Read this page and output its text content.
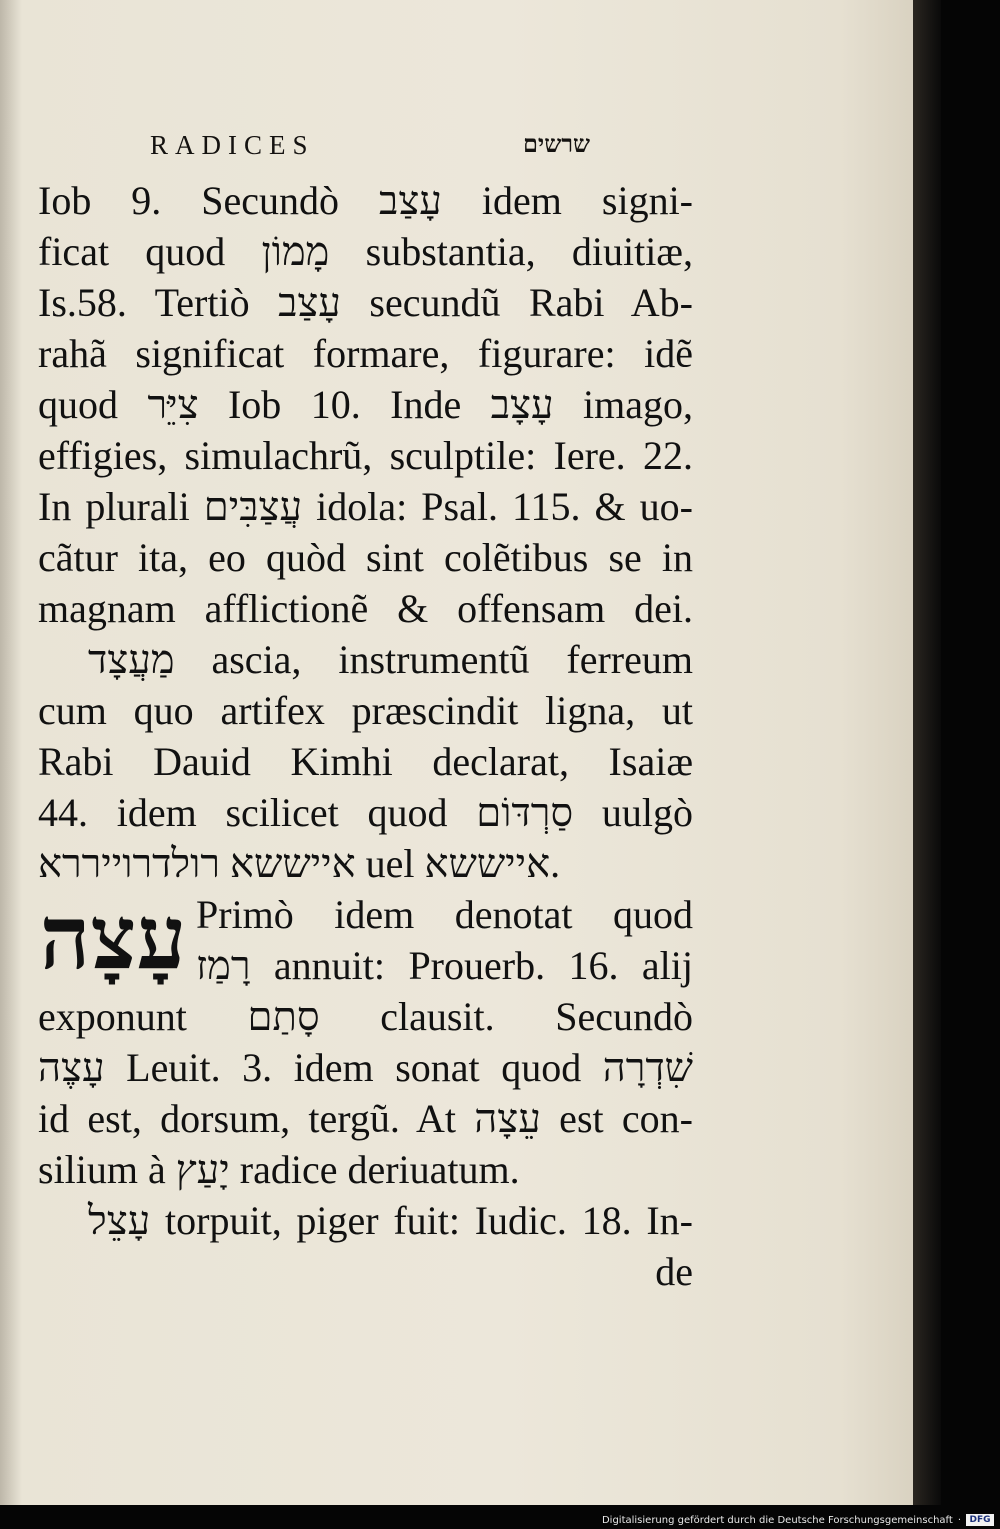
RADICES	שרשים
Iob 9. Secundò עָצַב idem signi-
ficat quod מָמוֹן substantia, diuitiæ,
Is.58. Tertiò עָצַב secundũ Rabi Ab-
rahã significat formare, figurare: idẽ
quod צִיֵּר Iob 10. Inde עָצָב imago,
effigies, simulachrũ, sculptile: Iere. 22.
In plurali עֲצַבִּים idola: Psal. 115. & uo-
cãtur ita, eo quòd sint colẽtibus se in
magnam afflictionẽ & offensam dei.
מַעֲצָד ascia, instrumentũ ferreum
cum quo artifex præscindit ligna, ut
Rabi Dauid Kimhi declarat, Isaiæ
44. idem scilicet quod סַרְדּוֹם uulgò
אייששא רולדרוייררא uel אייששא.
עָצָה Primò idem denotat quod
רָמַז annuit: Prouerb. 16. alij
exponunt סָתַם clausit. Secundò
עָצֶה Leuit. 3. idem sonat quod שִׁדְרָה
id est, dorsum, tergũ. At עֵצָה est con-
silium à יָעַץ radice deriuatum.
עָצֵל torpuit, piger fuit: Iudic. 18. In-
de
Digitalisierung gefördert durch die Deutsche Forschungsgemeinschaft · DFG
